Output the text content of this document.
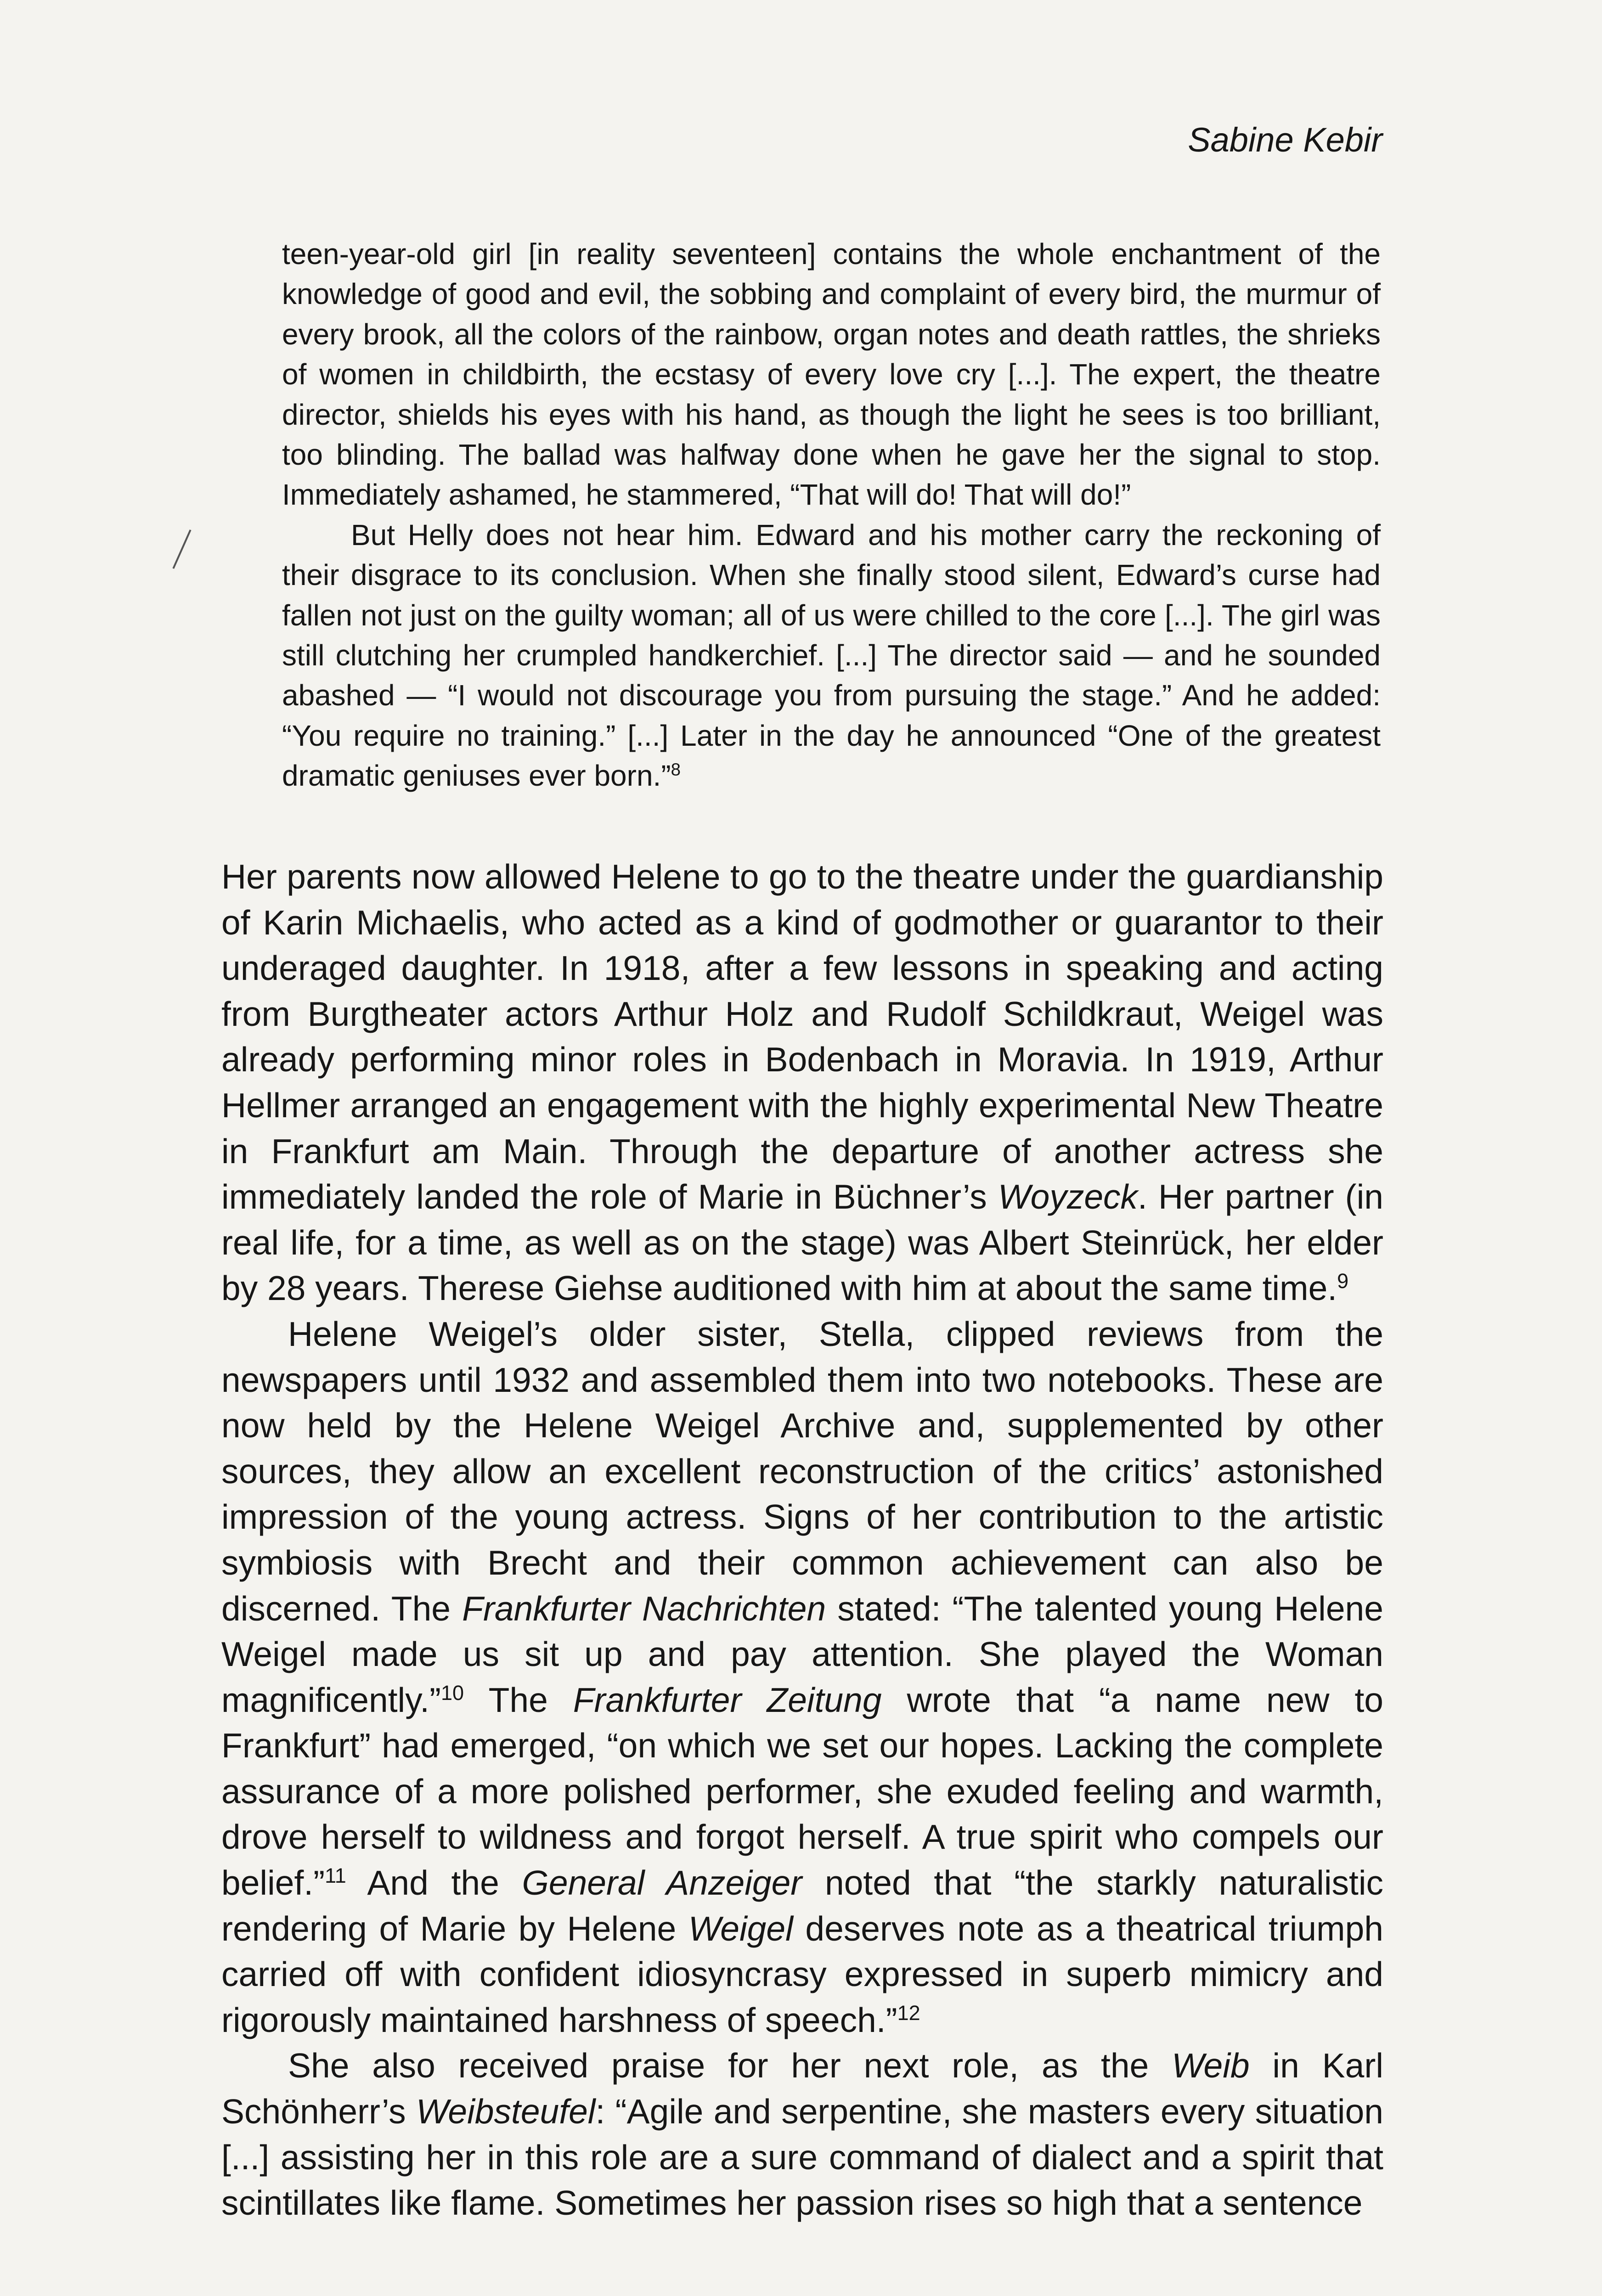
Sabine Kebir

teen-year-old girl [in reality seventeen] contains the whole enchantment of the knowledge of good and evil, the sobbing and complaint of every bird, the murmur of every brook, all the colors of the rainbow, organ notes and death rattles, the shrieks of women in childbirth, the ecstasy of every love cry [...]. The expert, the theatre director, shields his eyes with his hand, as though the light he sees is too brilliant, too blinding. The ballad was halfway done when he gave her the signal to stop. Immediately ashamed, he stammered, “That will do! That will do!”

But Helly does not hear him. Edward and his mother carry the reckoning of their disgrace to its conclusion. When she finally stood silent, Edward’s curse had fallen not just on the guilty woman; all of us were chilled to the core [...]. The girl was still clutching her crumpled handkerchief. [...] The director said — and he sounded abashed — “I would not discourage you from pursuing the stage.” And he added: “You require no training.” [...] Later in the day he announced “One of the greatest dramatic geniuses ever born.”$^8$

Her parents now allowed Helene to go to the theatre under the guardianship of Karin Michaelis, who acted as a kind of godmother or guarantor to their underaged daughter. In 1918, after a few lessons in speaking and acting from Burgtheater actors Arthur Holz and Rudolf Schildkraut, Weigel was already performing minor roles in Bodenbach in Moravia. In 1919, Arthur Hellmer arranged an engagement with the highly experimental New Theatre in Frankfurt am Main. Through the departure of another actress she immediately landed the role of Marie in Büchner’s Woyzeck. Her partner (in real life, for a time, as well as on the stage) was Albert Steinrück, her elder by 28 years. Therese Giehse auditioned with him at about the same time.$^9$

Helene Weigel’s older sister, Stella, clipped reviews from the newspapers until 1932 and assembled them into two notebooks. These are now held by the Helene Weigel Archive and, supplemented by other sources, they allow an excellent reconstruction of the critics’ astonished impression of the young actress. Signs of her contribution to the artistic symbiosis with Brecht and their common achievement can also be discerned. The Frankfurter Nachrichten stated: “The talented young Helene Weigel made us sit up and pay attention. She played the Woman magnificently.”$^{10}$ The Frankfurter Zeitung wrote that “a name new to Frankfurt” had emerged, “on which we set our hopes. Lacking the complete assurance of a more polished performer, she exuded feeling and warmth, drove herself to wildness and forgot herself. A true spirit who compels our belief.”$^{11}$ And the General Anzeiger noted that “the starkly naturalistic rendering of Marie by Helene Weigel deserves note as a theatrical triumph carried off with confident idiosyncrasy expressed in superb mimicry and rigorously maintained harshness of speech.”$^{12}$

She also received praise for her next role, as the Weib in Karl Schönherr’s Weibsteufel: “Agile and serpentine, she masters every situation [...] assisting her in this role are a sure command of dialect and a spirit that scintillates like flame. Sometimes her passion rises so high that a sentence
